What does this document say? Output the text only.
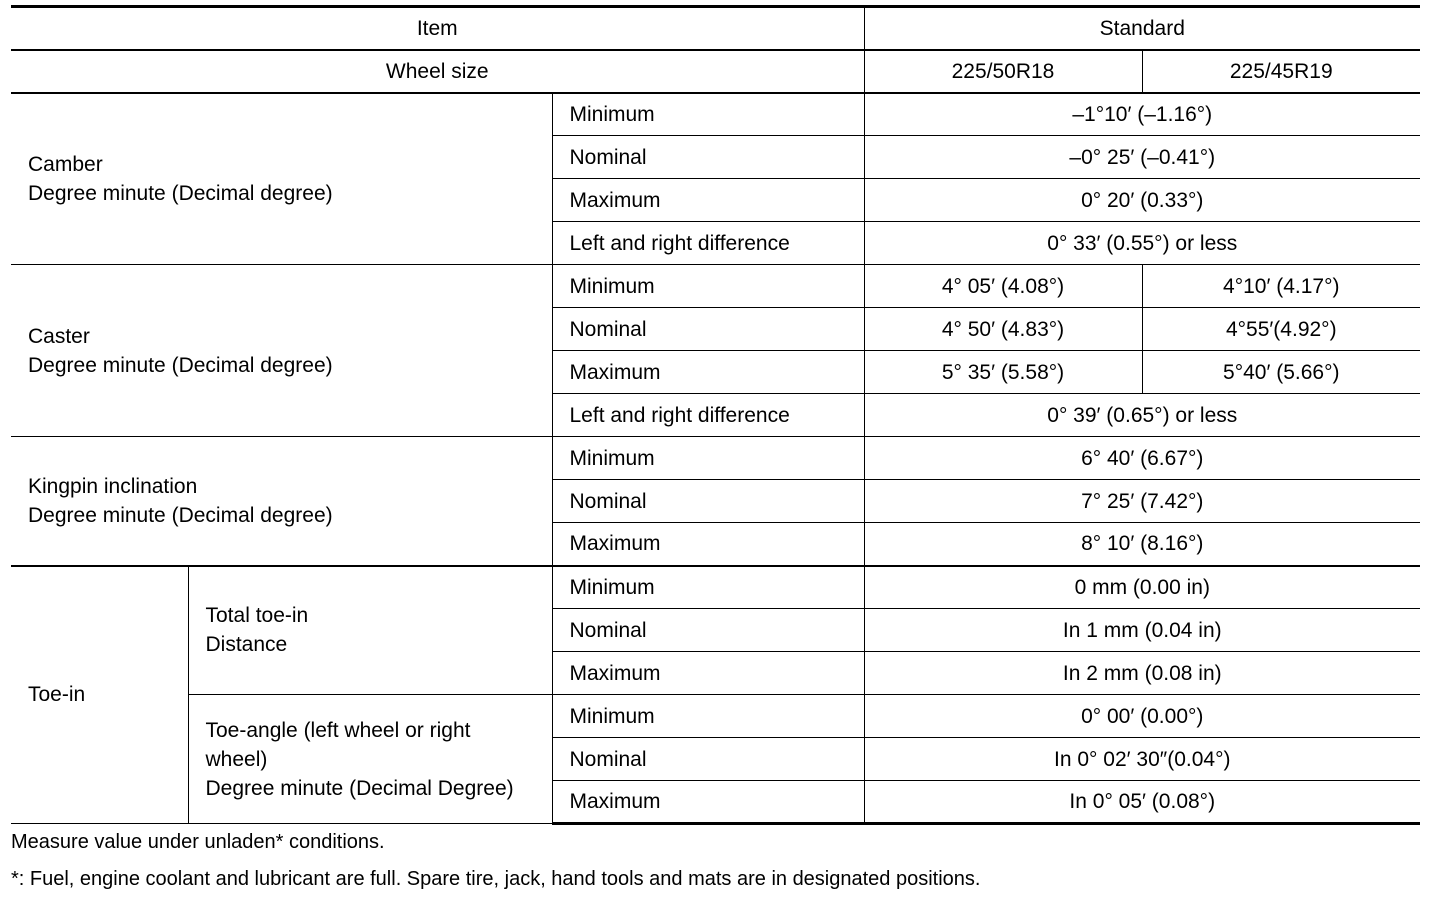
Item			Standard	
Wheel size			225/50R18	225/45R19

Camber
Degree minute (Decimal degree)		Minimum	–1°10′ (–1.16°)	
		Nominal	–0° 25′ (–0.41°)	
		Maximum	0° 20′ (0.33°)	
		Left and right difference	0° 33′ (0.55°) or less	

Caster
Degree minute (Decimal degree)		Minimum	4° 05′ (4.08°)	4°10′ (4.17°)
		Nominal	4° 50′ (4.83°)	4°55′(4.92°)
		Maximum	5° 35′ (5.58°)	5°40′ (5.66°)
		Left and right difference	0° 39′ (0.65°) or less	

Kingpin inclination
Degree minute (Decimal degree)		Minimum	6° 40′ (6.67°)	
		Nominal	7° 25′ (7.42°)	
		Maximum	8° 10′ (8.16°)	

Toe-in	Total toe-in
Distance	Minimum	0 mm (0.00 in)	
		Nominal	In 1 mm (0.04 in)	
		Maximum	In 2 mm (0.08 in)	

	Toe-angle (left wheel or right
wheel)
Degree minute (Decimal Degree)	Minimum	0° 00′ (0.00°)	
		Nominal	In 0° 02′ 30″(0.04°)	
		Maximum	In 0° 05′ (0.08°)	
Measure value under unladen* conditions.
*: Fuel, engine coolant and lubricant are full. Spare tire, jack, hand tools and mats are in designated positions.
